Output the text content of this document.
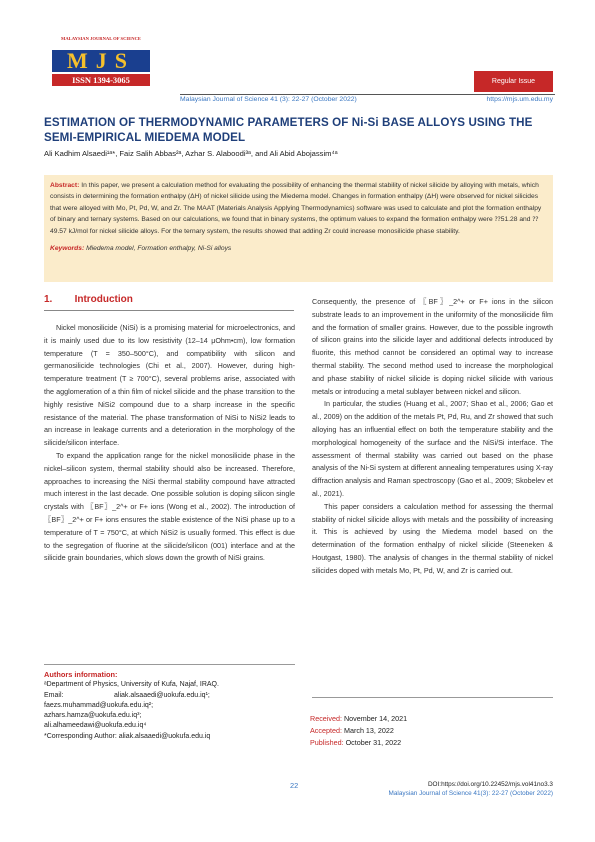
MALAYSIAN JOURNAL OF SCIENCE
MJS
ISSN 1394-3065	Regular Issue
Malaysian Journal of Science 41 (3): 22-27 (October 2022)	https://mjs.um.edu.my
ESTIMATION OF THERMODYNAMIC PARAMETERS OF Ni-Si BASE ALLOYS USING THE SEMI-EMPIRICAL MIEDEMA MODEL
Ali Kadhim Alsaedi¹ᵃ*, Faiz Salih Abbas²ᵃ, Azhar S. Alaboodi³ᵃ, and Ali Abid Abojassim⁴ᵃ
Abstract: In this paper, we present a calculation method for evaluating the possibility of enhancing the thermal stability of nickel silicide by alloying with metals, which consists in determining the formation enthalpy (ΔH) of nickel silicide using the Miedema model. Changes in formation enthalpy (ΔH) were observed for nickel silicides that were alloyed with Mo, Pt, Pd, W, and Zr. The MAAT (Materials Analysis Applying Thermodynamics) software was used to calculate and plot the formation enthalpy of binary and ternary systems. Based on our calculations, we found that in binary systems, the optimum values to expand the formation enthalpy were ⁇51.28 and ⁇49.57 kJ/mol for nickel silicide alloys. For the ternary system, the results showed that adding Zr could increase monosilicide phase stability.
Keywords: Miedema model, Formation enthalpy, Ni-Si alloys
1.        Introduction

Nickel monosilicide (NiSi) is a promising material for microelectronics, and it is mainly used due to its low resistivity (12–14 μOhm•cm), low formation temperature (T = 350–500°C), and compatibility with silicon and germanosilicide technologies (Chi et al., 2007). However, during high-temperature treatment (T ≥ 700°C), several problems arise, associated with the agglomeration of a thin film of nickel silicide and the phase transition to the highly resistive NiSi2 compound due to a sharp increase in the specific resistance of the material. The phase transformation of NiSi to NiSi2 leads to an increase in leakage currents and a deterioration in the morphology of the silicide/silicon interface.

To expand the application range for the nickel monosilicide phase in the nickel–silicon system, thermal stability should also be increased. Therefore, approaches to increasing the NiSi thermal stability compound have attracted much interest in the last decade. One possible solution is doping silicon single crystals with 〖BF〗_2^+ or F+ ions (Wong et al., 2002). The introduction of 〖BF〗_2^+ or F+ ions ensures the stable existence of the NiSi phase up to a temperature of T = 750°C, at which NiSi2 is usually formed. This effect is due to the segregation of fluorine at the silicide/silicon (001) interface and at the silicide grain boundaries, which slows down the growth of NiSi grains.

Consequently, the presence of 〖BF〗_2^+ or F+ ions in the silicon substrate leads to an improvement in the uniformity of the monosilicide film and the formation of smaller grains. However, due to the possible ingrowth of silicon grains into the silicide layer and additional defects introduced by fluorite, this method cannot be considered an optimal way to increase thermal stability. The second method used to increase the morphological and phase stability of nickel silicide is doping nickel silicide with various metals or introducing a metal sublayer between nickel and silicon.

In particular, the studies (Huang et al., 2007; Shao et al., 2006; Gao et al., 2009) on the addition of the metals Pt, Pd, Ru, and Zr showed that such alloying has an influential effect on both the temperature stability and the morphological homogeneity of the surface and the NiSi/Si interface. The assessment of thermal stability was carried out based on the phase analysis of the Ni-Si system at different annealing temperatures using X-ray diffraction analysis and Raman spectroscopy (Gao et al., 2009; Skobelev et al., 2021).

This paper considers a calculation method for assessing the thermal stability of nickel silicide alloys with metals and the possibility of increasing it. This is achieved by using the Miedema model based on the determination of the formation enthalpy of nickel silicide (Steeneken & Houtgast, 1980). The analysis of changes in the thermal stability of nickel silicides doped with metals Mo, Pt, Pd, W, and Zr is carried out.

Authors information:
ᵃDepartment of Physics, University of Kufa, Najaf, IRAQ.
Email:                          aliak.alsaaedi@uokufa.edu.iq¹;
faezs.muhammad@uokufa.edu.iq²;
azhars.hamza@uokufa.edu.iq³;
ali.alhameedawi@uokufa.edu.iq⁴
*Corresponding Author: aliak.alsaaedi@uokufa.edu.iq
Received: November 14, 2021
Accepted: March 13, 2022
Published: October 31, 2022
22	DOI:https://doi.org/10.22452/mjs.vol41no3.3
Malaysian Journal of Science 41(3): 22-27 (October 2022)
